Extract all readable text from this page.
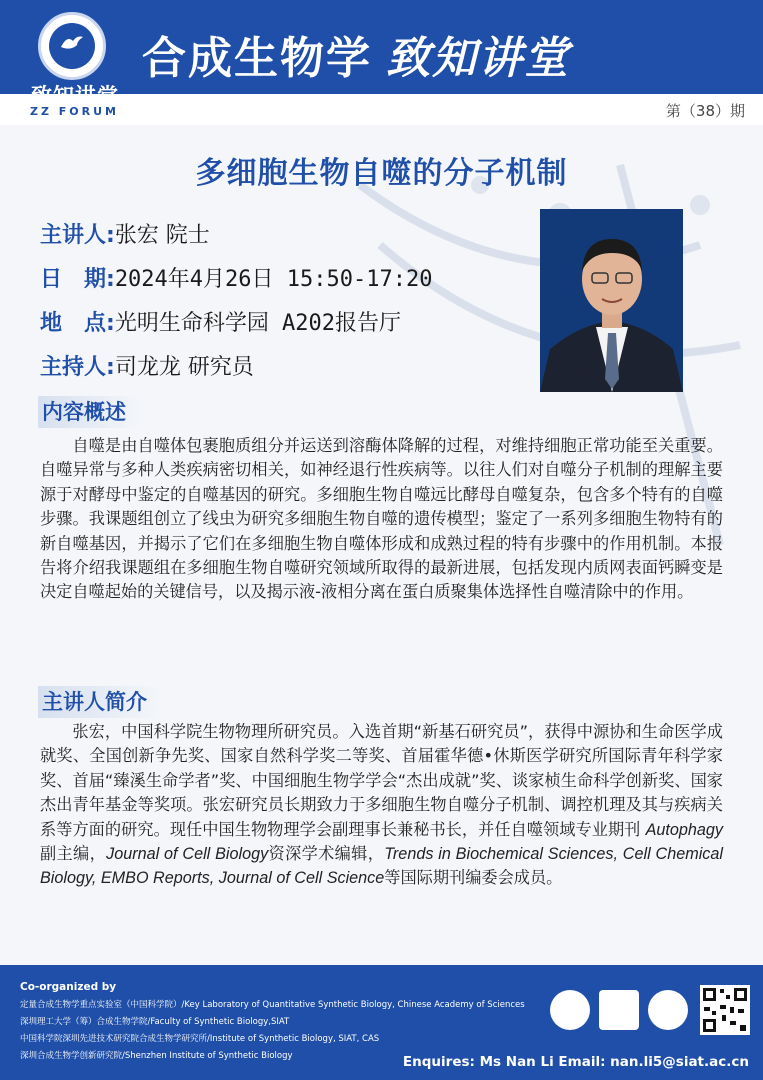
致知讲堂
ZZ FORUM
合成生物学 致知讲堂
第（38）期
多细胞生物自噬的分子机制
主讲人:张宏 院士
日　期:2024年4月26日 15:50-17:20
地　点:光明生命科学园 A202报告厅
主持人:司龙龙 研究员
内容概述
自噬是由自噬体包裹胞质组分并运送到溶酶体降解的过程，对维持细胞正常功能至关重要。自噬异常与多种人类疾病密切相关，如神经退行性疾病等。以往人们对自噬分子机制的理解主要源于对酵母中鉴定的自噬基因的研究。多细胞生物自噬远比酵母自噬复杂，包含多个特有的自噬步骤。我课题组创立了线虫为研究多细胞生物自噬的遗传模型；鉴定了一系列多细胞生物特有的新自噬基因，并揭示了它们在多细胞生物自噬体形成和成熟过程的特有步骤中的作用机制。本报告将介绍我课题组在多细胞生物自噬研究领域所取得的最新进展，包括发现内质网表面钙瞬变是决定自噬起始的关键信号，以及揭示液-液相分离在蛋白质聚集体选择性自噬清除中的作用。
主讲人简介
张宏，中国科学院生物物理所研究员。入选首期“新基石研究员”，获得中源协和生命医学成就奖、全国创新争先奖、国家自然科学奖二等奖、首届霍华德•休斯医学研究所国际青年科学家奖、首届“臻溪生命学者”奖、中国细胞生物学学会“杰出成就”奖、谈家桢生命科学创新奖、国家杰出青年基金等奖项。张宏研究员长期致力于多细胞生物自噬分子机制、调控机理及其与疾病关系等方面的研究。现任中国生物物理学会副理事长兼秘书长，并任自噬领域专业期刊 Autophagy副主编，Journal of Cell Biology资深学术编辑，Trends in Biochemical Sciences, Cell Chemical Biology, EMBO Reports, Journal of Cell Science等国际期刊编委会成员。
Co-organized by
定量合成生物学重点实验室（中国科学院）/Key Laboratory of Quantitative Synthetic Biology, Chinese Academy of Sciences
深圳理工大学（筹）合成生物学院/Faculty of Synthetic Biology,SIAT
中国科学院深圳先进技术研究院合成生物学研究所/Institute of Synthetic Biology, SIAT, CAS
深圳合成生物学创新研究院/Shenzhen Institute of Synthetic Biology	Enquires: Ms Nan Li Email: nan.li5@siat.ac.cn
